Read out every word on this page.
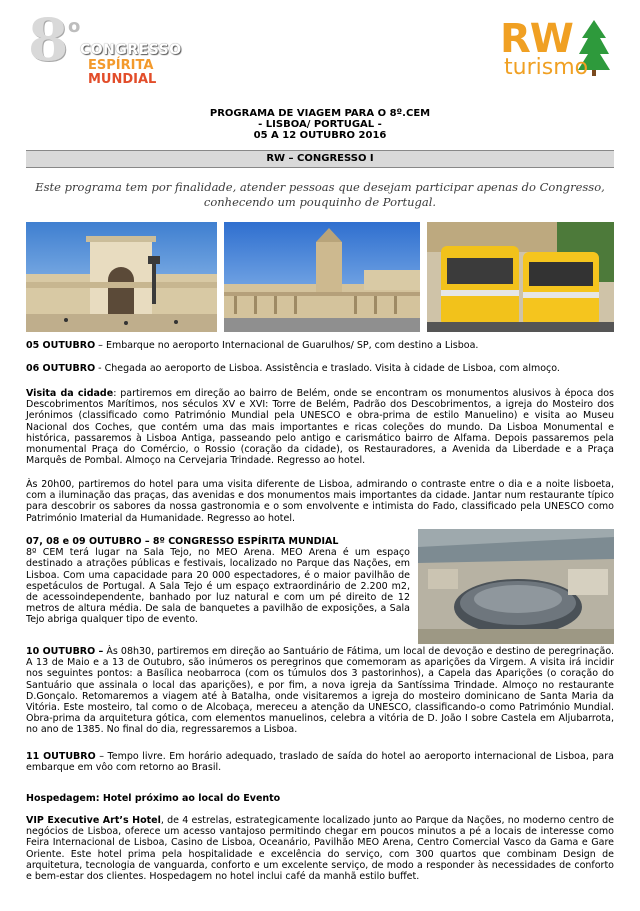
8 o
CONGRESSO
ESPÍRITA
MUNDIAL
RW
turismo
PROGRAMA DE VIAGEM PARA O 8º.CEM
- LISBOA/ PORTUGAL -
05 A 12 OUTUBRO 2016
RW – CONGRESSO I
Este programa tem por finalidade, atender pessoas que desejam participar apenas do Congresso,
conhecendo um pouquinho de Portugal.
05 OUTUBRO – Embarque no aeroporto Internacional de Guarulhos/ SP, com destino a Lisboa.
06 OUTUBRO - Chegada ao aeroporto de Lisboa. Assistência e traslado. Visita à cidade de Lisboa, com almoço.
Visita da cidade: partiremos em direção ao bairro de Belém, onde se encontram os monumentos alusivos à época dos Descobrimentos Marítimos, nos séculos XV e XVI: Torre de Belém, Padrão dos Descobrimentos, a igreja do Mosteiro dos Jerónimos (classificado como Património Mundial pela UNESCO e obra-prima de estilo Manuelino) e visita ao Museu Nacional dos Coches, que contém uma das mais importantes e ricas coleções do mundo. Da Lisboa Monumental e histórica, passaremos à Lisboa Antiga, passeando pelo antigo e carismático bairro de Alfama. Depois passaremos pela monumental Praça do Comércio, o Rossio (coração da cidade), os Restauradores, a Avenida da Liberdade e a Praça Marquês de Pombal. Almoço na Cervejaria Trindade. Regresso ao hotel.
Às 20h00, partiremos do hotel para uma visita diferente de Lisboa, admirando o contraste entre o dia e a noite lisboeta, com a iluminação das praças, das avenidas e dos monumentos mais importantes da cidade. Jantar num restaurante típico para descobrir os sabores da nossa gastronomia e o som envolvente e intimista do Fado, classificado pela UNESCO como Património Imaterial da Humanidade. Regresso ao hotel.
07, 08 e 09 OUTUBRO – 8º CONGRESSO ESPÍRITA MUNDIAL
8º CEM terá lugar na Sala Tejo, no MEO Arena. MEO Arena é um espaço destinado a atrações públicas e festivais, localizado no Parque das Nações, em Lisboa. Com uma capacidade para 20 000 espectadores, é o maior pavilhão de espetáculos de Portugal. A Sala Tejo é um espaço extraordinário de 2.200 m2, de acessoindependente, banhado por luz natural e com um pé direito de 12 metros de altura média. De sala de banquetes a pavilhão de exposições, a Sala Tejo abriga qualquer tipo de evento.
10 OUTUBRO – Às 08h30, partiremos em direção ao Santuário de Fátima, um local de devoção e destino de peregrinação. A 13 de Maio e a 13 de Outubro, são inúmeros os peregrinos que comemoram as aparições da Virgem. A visita irá incidir nos seguintes pontos: a Basílica neobarroca (com os túmulos dos 3 pastorinhos), a Capela das Aparições (o coração do Santuário que assinala o local das aparições), e por fim, a nova igreja da Santíssima Trindade. Almoço no restaurante D.Gonçalo. Retomaremos a viagem até à Batalha, onde visitaremos a igreja do mosteiro dominicano de Santa Maria da Vitória. Este mosteiro, tal como o de Alcobaça, mereceu a atenção da UNESCO, classificando-o como Património Mundial. Obra-prima da arquitetura gótica, com elementos manuelinos, celebra a vitória de D. João I sobre Castela em Aljubarrota, no ano de 1385. No final do dia, regressaremos a Lisboa.
11 OUTUBRO – Tempo livre. Em horário adequado, traslado de saída do hotel ao aeroporto internacional de Lisboa, para embarque em vôo com retorno ao Brasil.
Hospedagem: Hotel próximo ao local do Evento
VIP Executive Art’s Hotel, de 4 estrelas, estrategicamente localizado junto ao Parque da Nações, no moderno centro de negócios de Lisboa, oferece um acesso vantajoso permitindo chegar em poucos minutos a pé a locais de interesse como Feira Internacional de Lisboa, Casino de Lisboa, Oceanário, Pavilhão MEO Arena, Centro Comercial Vasco da Gama e Gare Oriente. Este hotel prima pela hospitalidade e excelência do serviço, com 300 quartos que combinam Design de arquitetura, tecnologia de vanguarda, conforto e um excelente serviço, de modo a responder às necessidades de conforto e bem-estar dos clientes. Hospedagem no hotel inclui café da manhã estilo buffet.
